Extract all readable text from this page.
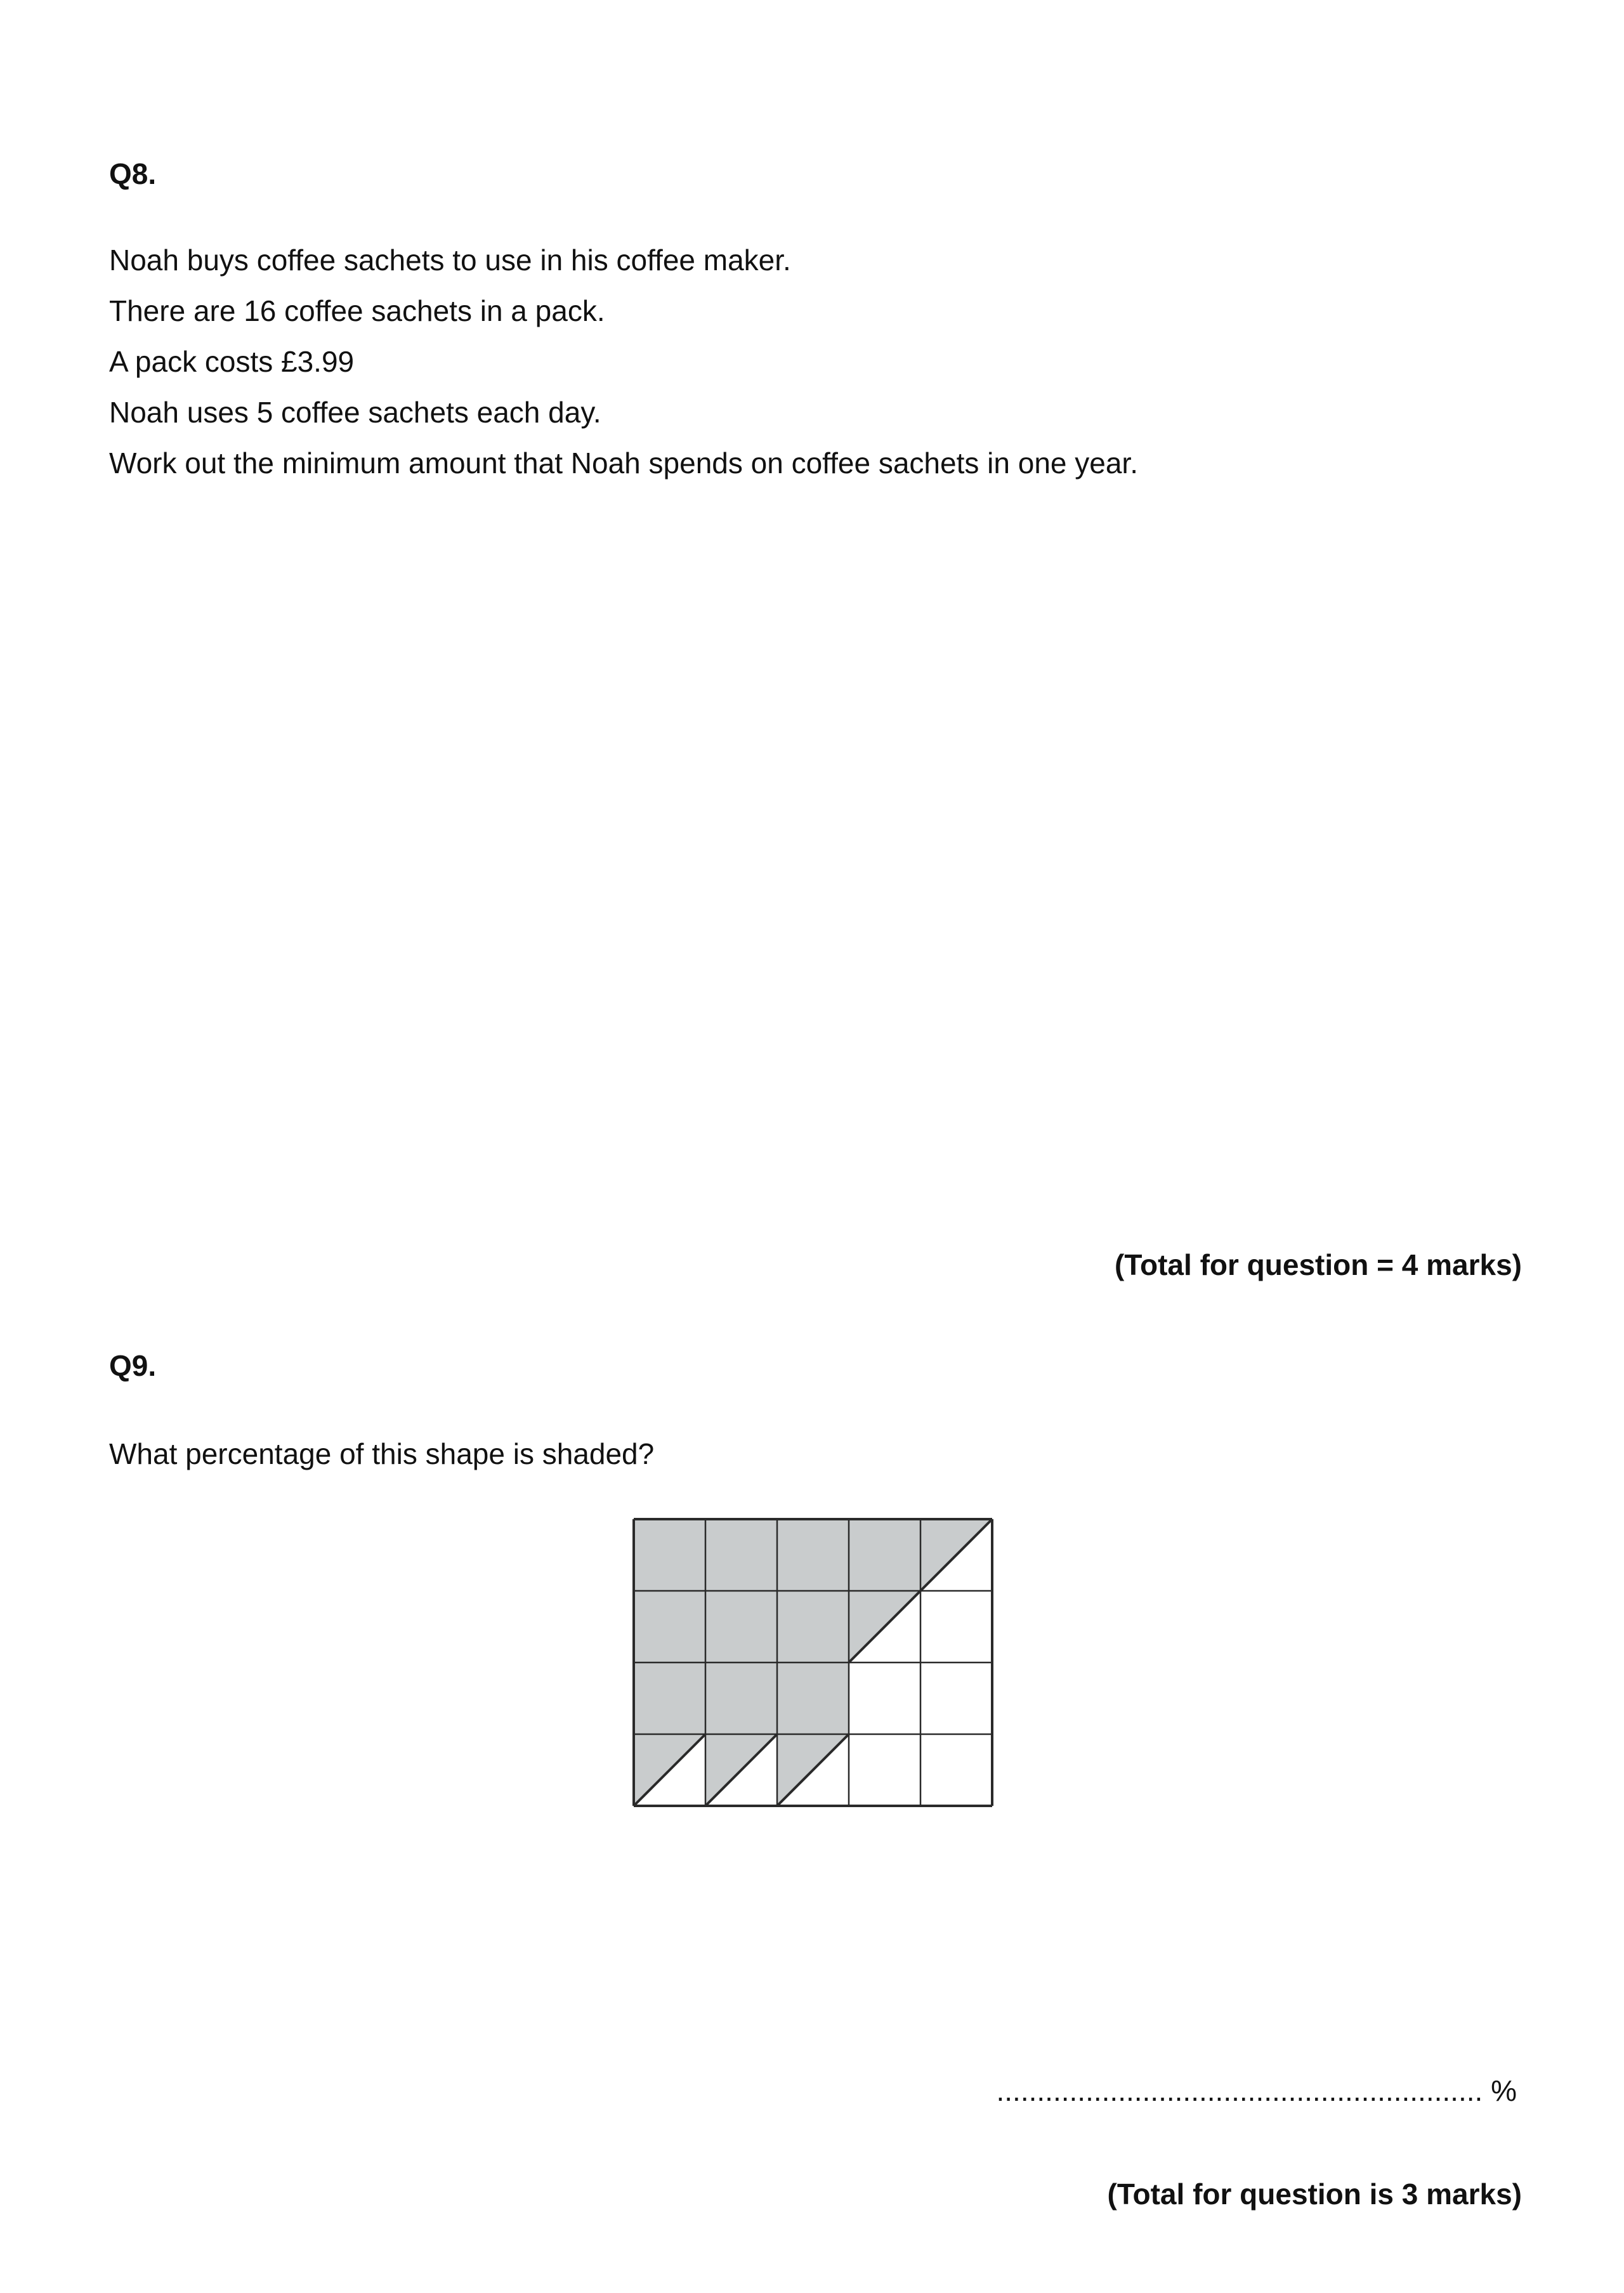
Q8.

Noah buys coffee sachets to use in his coffee maker.

There are 16 coffee sachets in a pack.

A pack costs £3.99

Noah uses 5 coffee sachets each day.

Work out the minimum amount that Noah spends on coffee sachets in one year.

(Total for question = 4 marks)

Q9.

What percentage of this shape is shaded?

............................................................ %

(Total for question is 3 marks)
